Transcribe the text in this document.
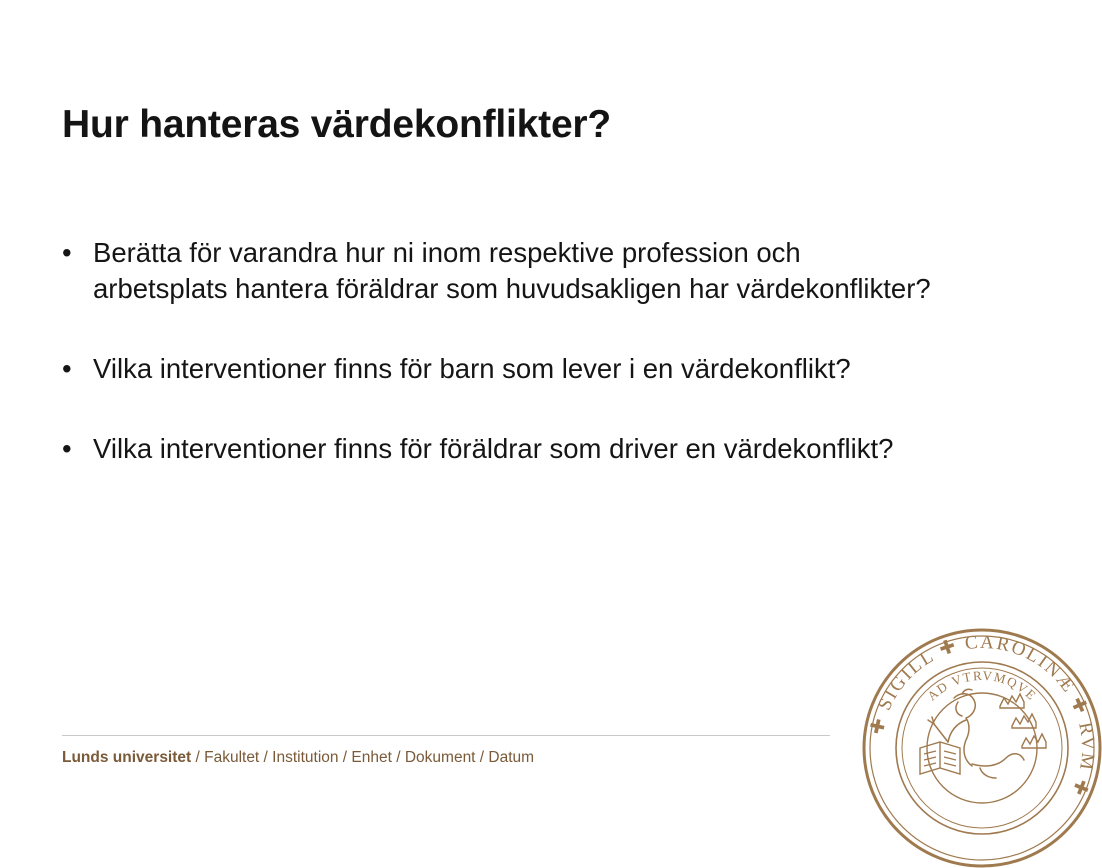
Hur hanteras värdekonflikter?
• Berätta för varandra hur ni inom respektive profession och arbetsplats hantera föräldrar som huvudsakligen har värdekonflikter?
• Vilka interventioner finns för barn som lever i en värdekonflikt?
• Vilka interventioner finns för föräldrar som driver en värdekonflikt?
Lunds universitet / Fakultet / Institution / Enhet / Dokument / Datum
✚ SIGILL ✚ CAROLINÆ ✚ RVM ✚
AD VTRVMQVE
